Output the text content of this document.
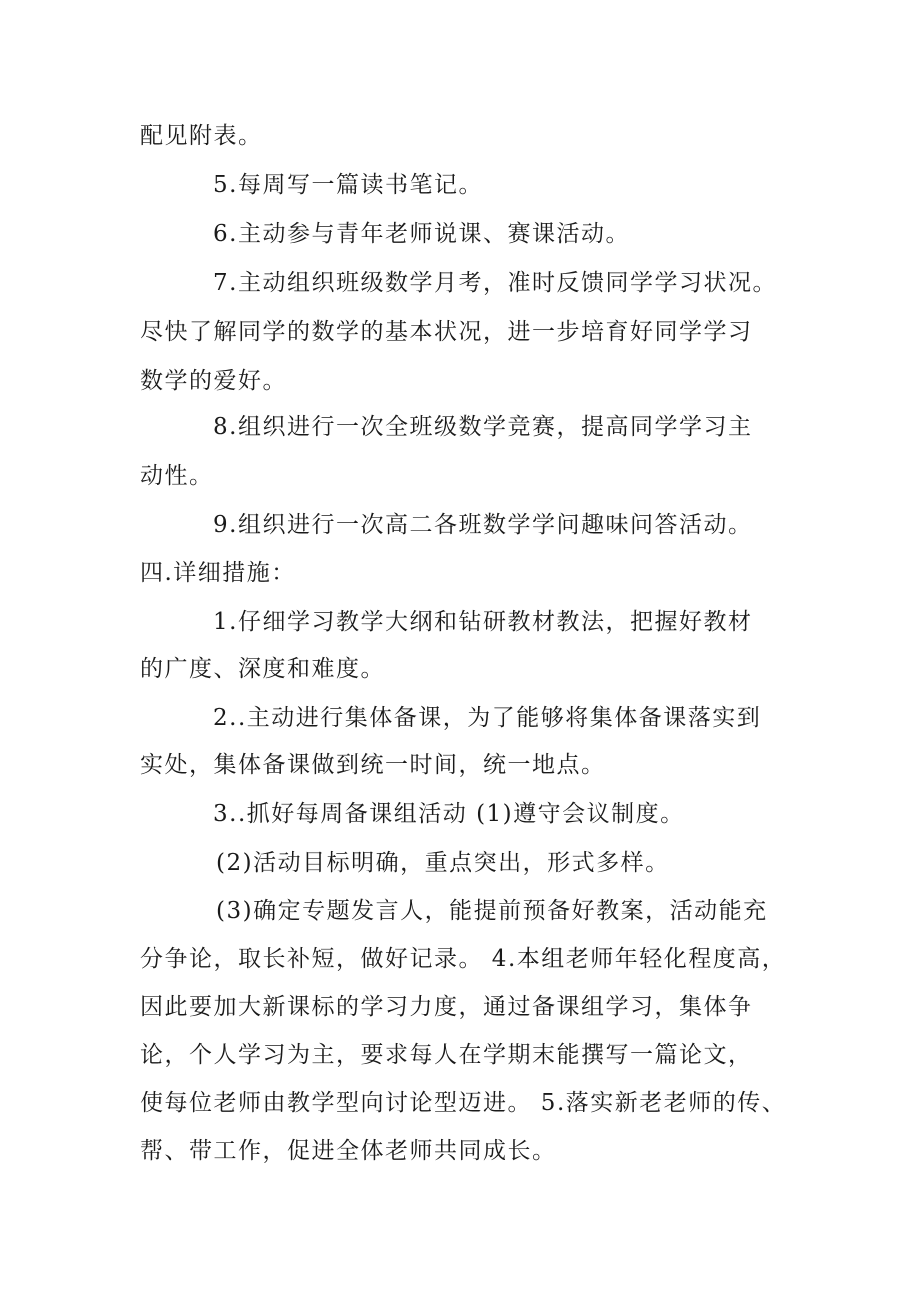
配见附表。
5.每周写一篇读书笔记。
6.主动参与青年老师说课、赛课活动。
7.主动组织班级数学月考，准时反馈同学学习状况。
尽快了解同学的数学的基本状况，进一步培育好同学学习
数学的爱好。
8.组织进行一次全班级数学竞赛，提高同学学习主
动性。
9.组织进行一次高二各班数学学问趣味问答活动。
四.详细措施：
1.仔细学习教学大纲和钻研教材教法，把握好教材
的广度、深度和难度。
2..主动进行集体备课，为了能够将集体备课落实到
实处，集体备课做到统一时间，统一地点。
3..抓好每周备课组活动 (1)遵守会议制度。
(2)活动目标明确，重点突出，形式多样。
(3)确定专题发言人，能提前预备好教案，活动能充
分争论，取长补短，做好记录。 4.本组老师年轻化程度高，
因此要加大新课标的学习力度，通过备课组学习，集体争
论，个人学习为主，要求每人在学期末能撰写一篇论文，
使每位老师由教学型向讨论型迈进。 5.落实新老老师的传、
帮、带工作，促进全体老师共同成长。
